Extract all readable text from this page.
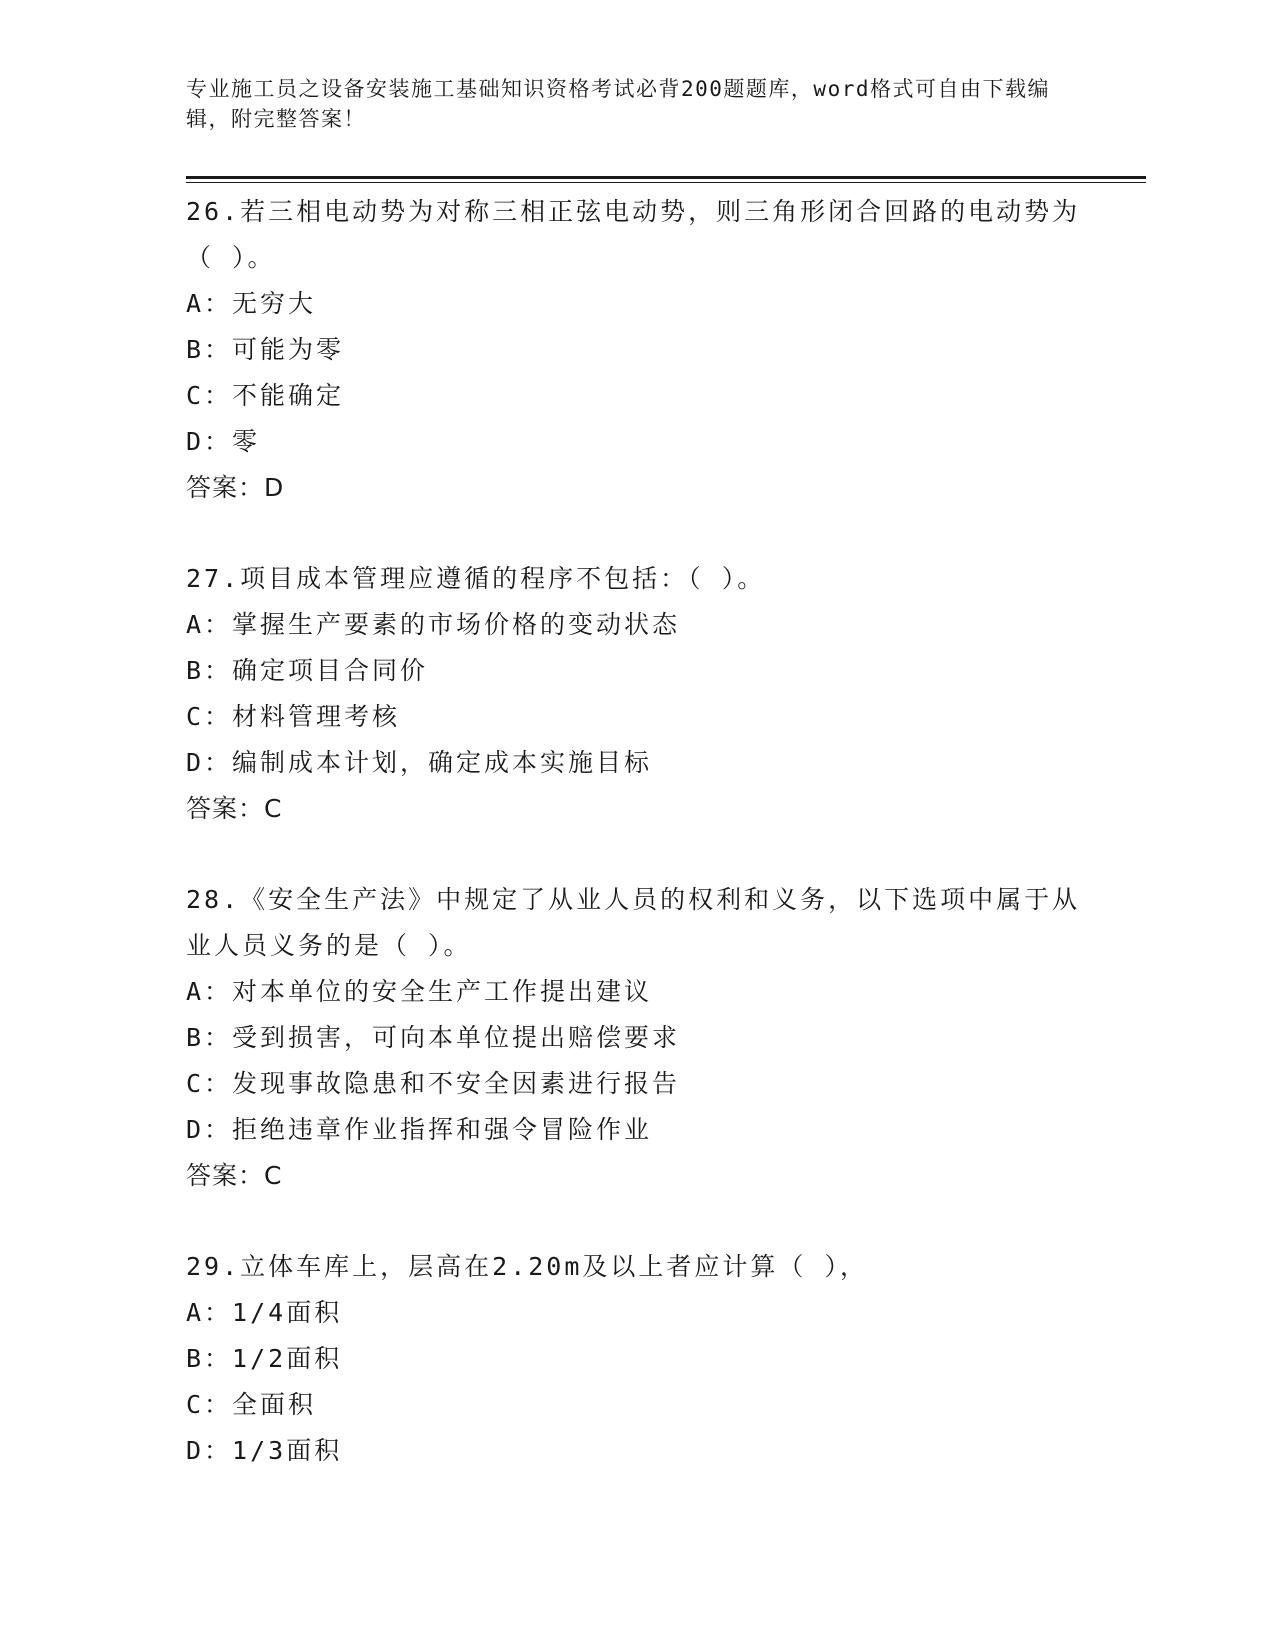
专业施工员之设备安装施工基础知识资格考试必背200题题库，word格式可自由下载编辑，附完整答案！

26.若三相电动势为对称三相正弦电动势，则三角形闭合回路的电动势为（ ）。

A：无穷大

B：可能为零

C：不能确定

D：零

答案：D

27.项目成本管理应遵循的程序不包括：（ ）。

A：掌握生产要素的市场价格的变动状态

B：确定项目合同价

C：材料管理考核

D：编制成本计划，确定成本实施目标

答案：C

28.《安全生产法》中规定了从业人员的权利和义务，以下选项中属于从业人员义务的是（ ）。

A：对本单位的安全生产工作提出建议

B：受到损害，可向本单位提出赔偿要求

C：发现事故隐患和不安全因素进行报告

D：拒绝违章作业指挥和强令冒险作业

答案：C

29.立体车库上，层高在2.20m及以上者应计算（ ），

A：1/4面积

B：1/2面积

C：全面积

D：1/3面积
